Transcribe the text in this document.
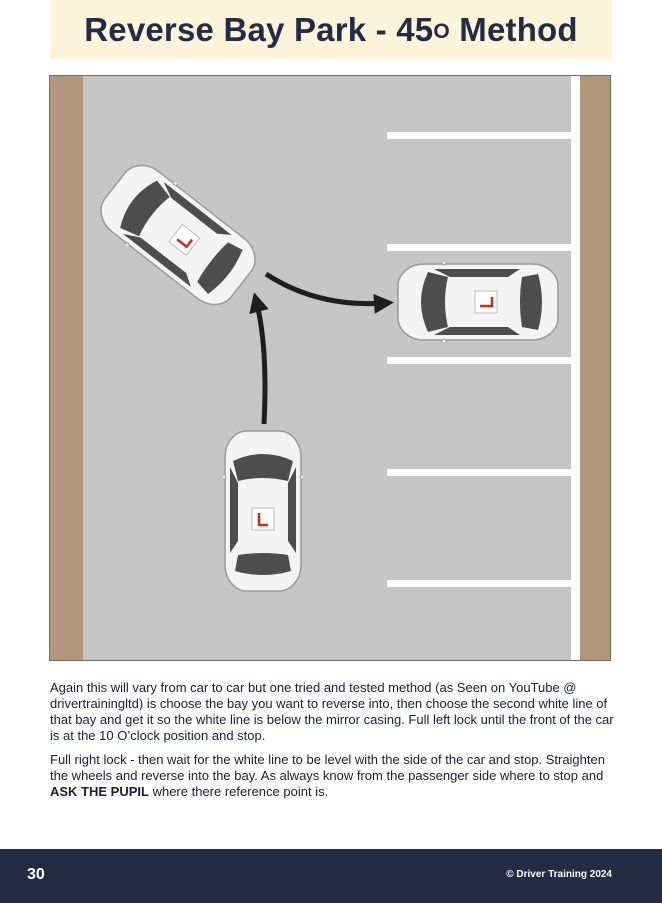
Reverse Bay Park - $45^O$ Method

Again this will vary from car to car but one tried and tested method (as Seen on YouTube @ drivertrainingltd) is choose the bay you want to reverse into, then choose the second white line of that bay and get it so the white line is below the mirror casing. Full left lock until the front of the car is at the 10 O’clock position and stop.

Full right lock - then wait for the white line to be level with the side of the car and stop. Straighten the wheels and reverse into the bay. As always know from the passenger side where to stop and ASK THE PUPIL where there reference point is.

30	© Driver Training 2024
